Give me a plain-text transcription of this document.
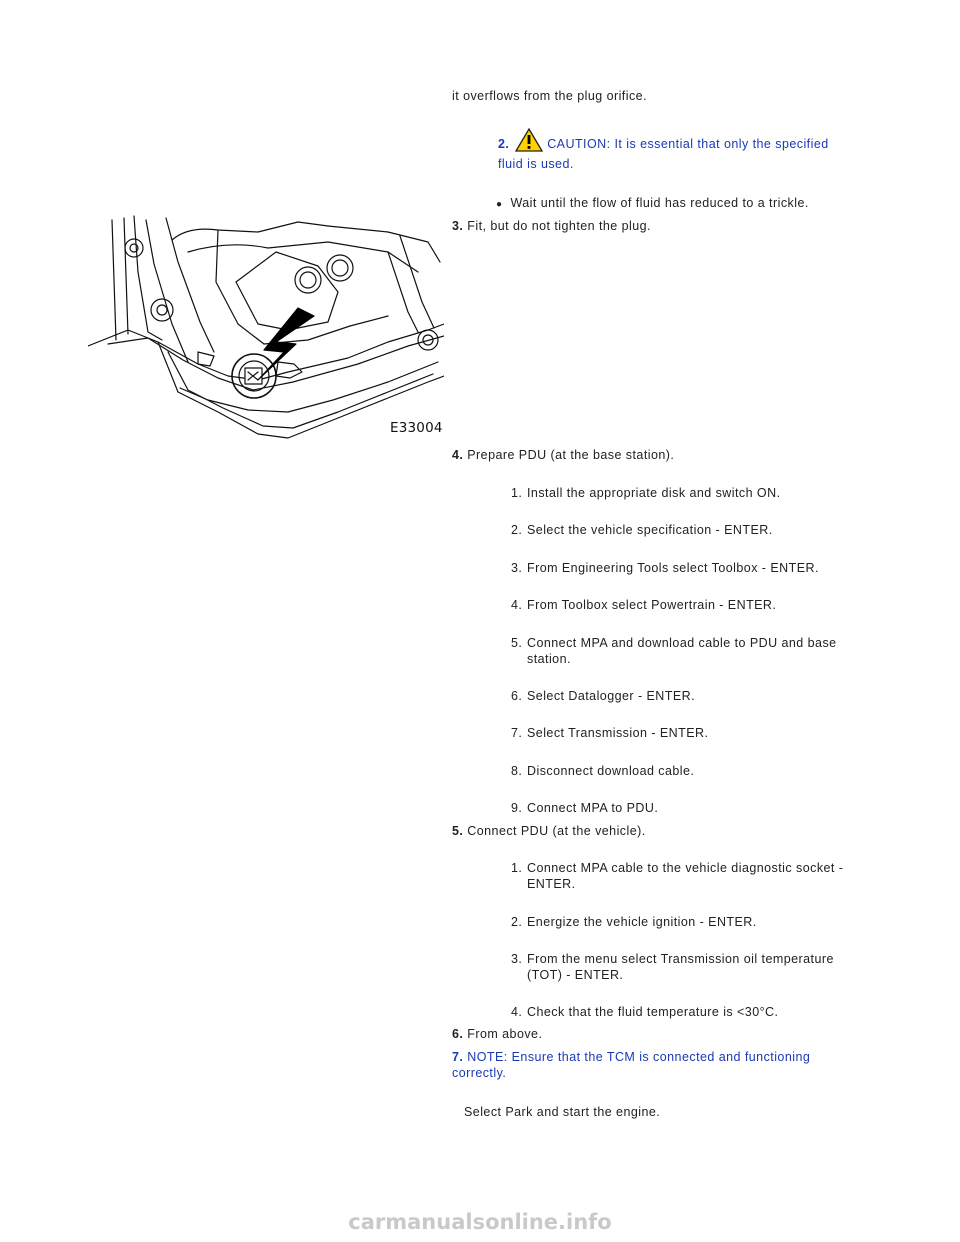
it overflows from the plug orifice.
2.	CAUTION: It is essential that only the specified
fluid is used.
● Wait until the flow of fluid has reduced to a trickle.
3. Fit, but do not tighten the plug.
E33004
4. Prepare PDU (at the base station).
1. Install the appropriate disk and switch ON.
2. Select the vehicle specification - ENTER.
3. From Engineering Tools select Toolbox - ENTER.
4. From Toolbox select Powertrain - ENTER.
5. Connect MPA and download cable to PDU and base
station.
6. Select Datalogger - ENTER.
7. Select Transmission - ENTER.
8. Disconnect download cable.
9. Connect MPA to PDU.
5. Connect PDU (at the vehicle).
1. Connect MPA cable to the vehicle diagnostic socket -
ENTER.
2. Energize the vehicle ignition - ENTER.
3. From the menu select Transmission oil temperature
(TOT) - ENTER.
4. Check that the fluid temperature is <30°C.
6. From above.
7. NOTE: Ensure that the TCM is connected and functioning
correctly.
Select Park and start the engine.
carmanualsonline.info
